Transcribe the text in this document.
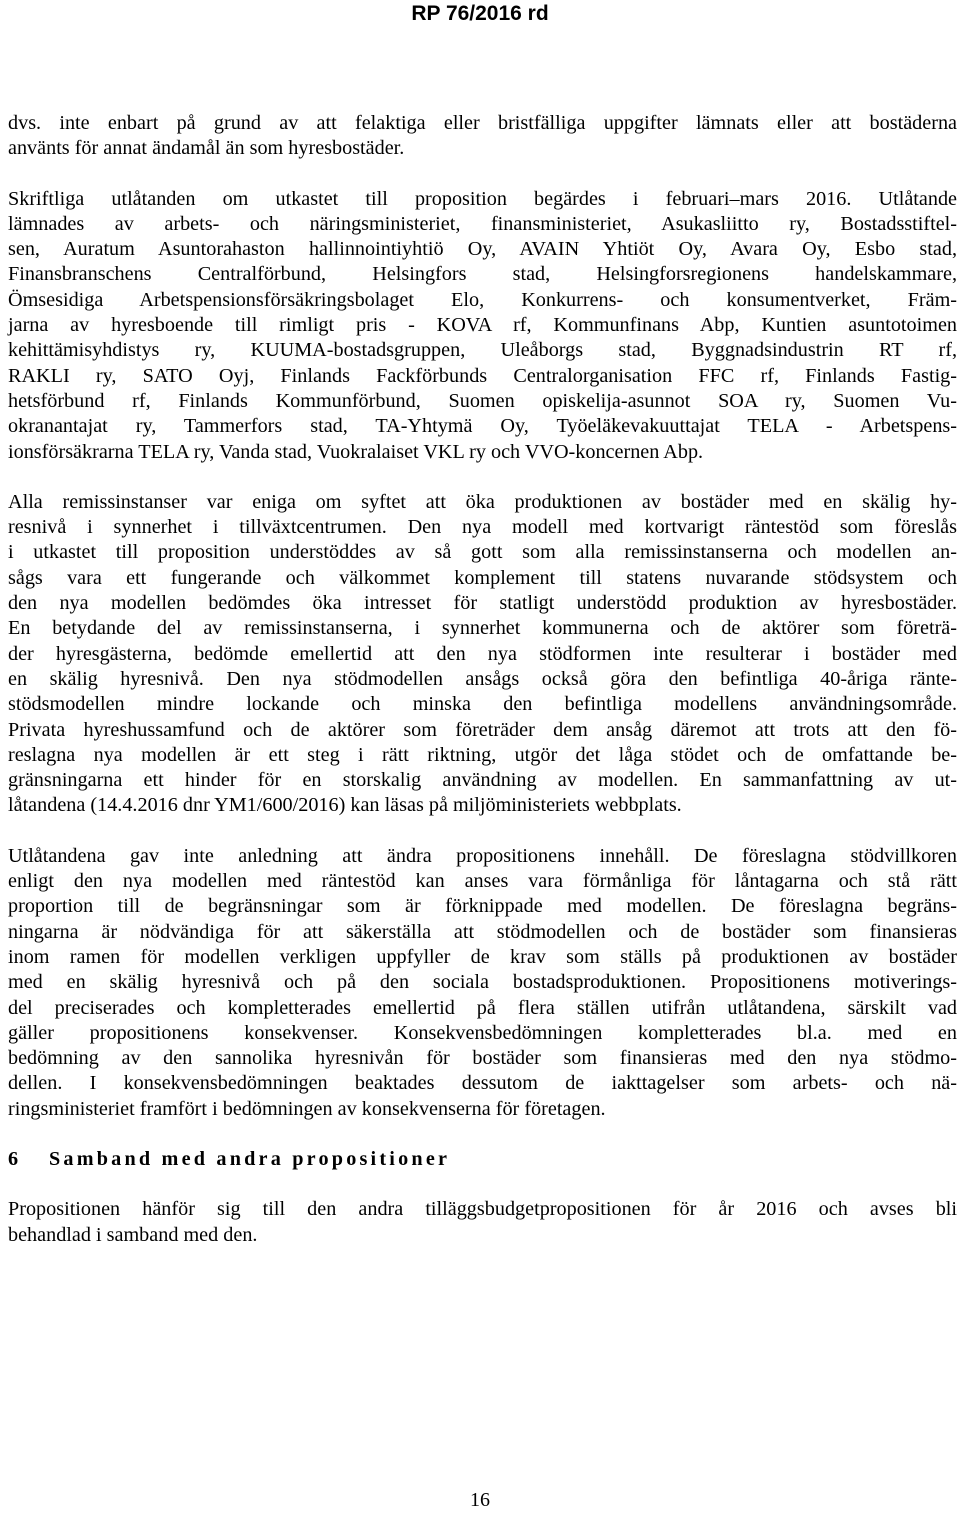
RP 76/2016 rd

dvs. inte enbart på grund av att felaktiga eller bristfälliga uppgifter lämnats eller att bostäderna
använts för annat ändamål än som hyresbostäder.

Skriftliga utlåtanden om utkastet till proposition begärdes i februari–mars 2016. Utlåtande
lämnades av arbets- och näringsministeriet, finansministeriet, Asukasliitto ry, Bostadsstiftel-
sen, Auratum Asuntorahaston hallinnointiyhtiö Oy, AVAIN Yhtiöt Oy, Avara Oy, Esbo stad,
Finansbranschens Centralförbund, Helsingfors stad, Helsingforsregionens handelskammare,
Ömsesidiga Arbetspensionsförsäkringsbolaget Elo, Konkurrens- och konsumentverket, Främ-
jarna av hyresboende till rimligt pris - KOVA rf, Kommunfinans Abp, Kuntien asuntotoimen
kehittämisyhdistys ry, KUUMA-bostadsgruppen, Uleåborgs stad, Byggnadsindustrin RT rf,
RAKLI ry, SATO Oyj, Finlands Fackförbunds Centralorganisation FFC rf, Finlands Fastig-
hetsförbund rf, Finlands Kommunförbund, Suomen opiskelija-asunnot SOA ry, Suomen Vu-
okranantajat ry, Tammerfors stad, TA-Yhtymä Oy, Työeläkevakuuttajat TELA - Arbetspens-
ionsförsäkrarna TELA ry, Vanda stad, Vuokralaiset VKL ry och VVO-koncernen Abp.

Alla remissinstanser var eniga om syftet att öka produktionen av bostäder med en skälig hy-
resnivå i synnerhet i tillväxtcentrumen. Den nya modell med kortvarigt räntestöd som föreslås
i utkastet till proposition understöddes av så gott som alla remissinstanserna och modellen an-
sågs vara ett fungerande och välkommet komplement till statens nuvarande stödsystem och
den nya modellen bedömdes öka intresset för statligt understödd produktion av hyresbostäder.
En betydande del av remissinstanserna, i synnerhet kommunerna och de aktörer som företrä-
der hyresgästerna, bedömde emellertid att den nya stödformen inte resulterar i bostäder med
en skälig hyresnivå. Den nya stödmodellen ansågs också göra den befintliga 40-åriga ränte-
stödsmodellen mindre lockande och minska den befintliga modellens användningsområde.
Privata hyreshussamfund och de aktörer som företräder dem ansåg däremot att trots att den fö-
reslagna nya modellen är ett steg i rätt riktning, utgör det låga stödet och de omfattande be-
gränsningarna ett hinder för en storskalig användning av modellen. En sammanfattning av ut-
låtandena (14.4.2016 dnr YM1/600/2016) kan läsas på miljöministeriets webbplats.

Utlåtandena gav inte anledning att ändra propositionens innehåll. De föreslagna stödvillkoren
enligt den nya modellen med räntestöd kan anses vara förmånliga för låntagarna och stå rätt
proportion till de begränsningar som är förknippade med modellen. De föreslagna begräns-
ningarna är nödvändiga för att säkerställa att stödmodellen och de bostäder som finansieras
inom ramen för modellen verkligen uppfyller de krav som ställs på produktionen av bostäder
med en skälig hyresnivå och på den sociala bostadsproduktionen. Propositionens motiverings-
del preciserades och kompletterades emellertid på flera ställen utifrån utlåtandena, särskilt vad
gäller propositionens konsekvenser. Konsekvensbedömningen kompletterades bl.a. med en
bedömning av den sannolika hyresnivån för bostäder som finansieras med den nya stödmo-
dellen. I konsekvensbedömningen beaktades dessutom de iakttagelser som arbets- och nä-
ringsministeriet framfört i bedömningen av konsekvenserna för företagen.

6 Samband med andra propositioner

Propositionen hänför sig till den andra tilläggsbudgetpropositionen för år 2016 och avses bli
behandlad i samband med den.

16
